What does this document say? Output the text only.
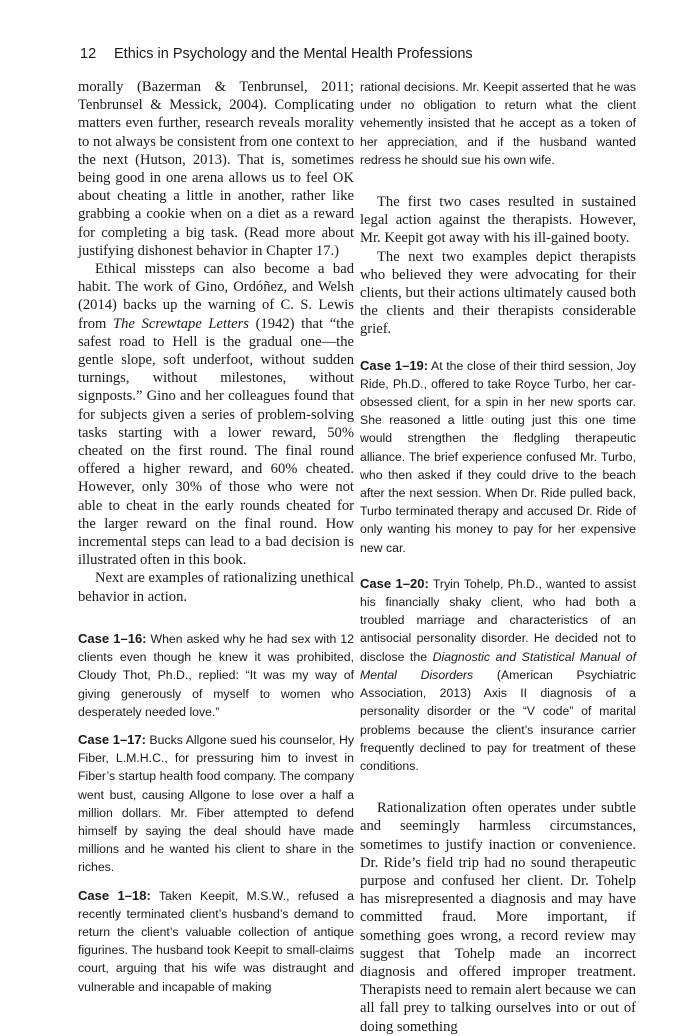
12 Ethics in Psychology and the Mental Health Professions

morally (Bazerman & Tenbrunsel, 2011; Tenbrunsel & Messick, 2004). Complicating matters even further, research reveals morality to not always be consistent from one context to the next (Hutson, 2013). That is, sometimes being good in one arena allows us to feel OK about cheating a little in another, rather like grabbing a cookie when on a diet as a reward for completing a big task. (Read more about justifying dishonest behavior in Chapter 17.)

Ethical missteps can also become a bad habit. The work of Gino, Ordóñez, and Welsh (2014) backs up the warning of C. S. Lewis from The Screwtape Letters (1942) that “the safest road to Hell is the gradual one—the gentle slope, soft underfoot, without sudden turnings, without milestones, without signposts.” Gino and her colleagues found that for subjects given a series of problem-solving tasks starting with a lower reward, 50% cheated on the first round. The final round offered a higher reward, and 60% cheated. However, only 30% of those who were not able to cheat in the early rounds cheated for the larger reward on the final round. How incremental steps can lead to a bad decision is illustrated often in this book.

Next are examples of rationalizing unethical behavior in action.

Case 1–16: When asked why he had sex with 12 clients even though he knew it was prohibited, Cloudy Thot, Ph.D., replied: “It was my way of giving generously of myself to women who desperately needed love.”

Case 1–17: Bucks Allgone sued his counselor, Hy Fiber, L.M.H.C., for pressuring him to invest in Fiber’s startup health food company. The company went bust, causing Allgone to lose over a half a million dollars. Mr. Fiber attempted to defend himself by saying the deal should have made millions and he wanted his client to share in the riches.

Case 1–18: Taken Keepit, M.S.W., refused a recently terminated client’s husband’s demand to return the client’s valuable collection of antique figurines. The husband took Keepit to small-claims court, arguing that his wife was distraught and vulnerable and incapable of making

rational decisions. Mr. Keepit asserted that he was under no obligation to return what the client vehemently insisted that he accept as a token of her appreciation, and if the husband wanted redress he should sue his own wife.

The first two cases resulted in sustained legal action against the therapists. However, Mr. Keepit got away with his ill-gained booty.

The next two examples depict therapists who believed they were advocating for their clients, but their actions ultimately caused both the clients and their therapists considerable grief.

Case 1–19: At the close of their third session, Joy Ride, Ph.D., offered to take Royce Turbo, her car-obsessed client, for a spin in her new sports car. She reasoned a little outing just this one time would strengthen the fledgling therapeutic alliance. The brief experience confused Mr. Turbo, who then asked if they could drive to the beach after the next session. When Dr. Ride pulled back, Turbo terminated therapy and accused Dr. Ride of only wanting his money to pay for her expensive new car.

Case 1–20: Tryin Tohelp, Ph.D., wanted to assist his financially shaky client, who had both a troubled marriage and characteristics of an antisocial personality disorder. He decided not to disclose the Diagnostic and Statistical Manual of Mental Disorders (American Psychiatric Association, 2013) Axis II diagnosis of a personality disorder or the “V code” of marital problems because the client’s insurance carrier frequently declined to pay for treatment of these conditions.

Rationalization often operates under subtle and seemingly harmless circumstances, sometimes to justify inaction or convenience. Dr. Ride’s field trip had no sound therapeutic purpose and confused her client. Dr. Tohelp has misrepresented a diagnosis and may have committed fraud. More important, if something goes wrong, a record review may suggest that Tohelp made an incorrect diagnosis and offered improper treatment. Therapists need to remain alert because we can all fall prey to talking ourselves into or out of doing something
